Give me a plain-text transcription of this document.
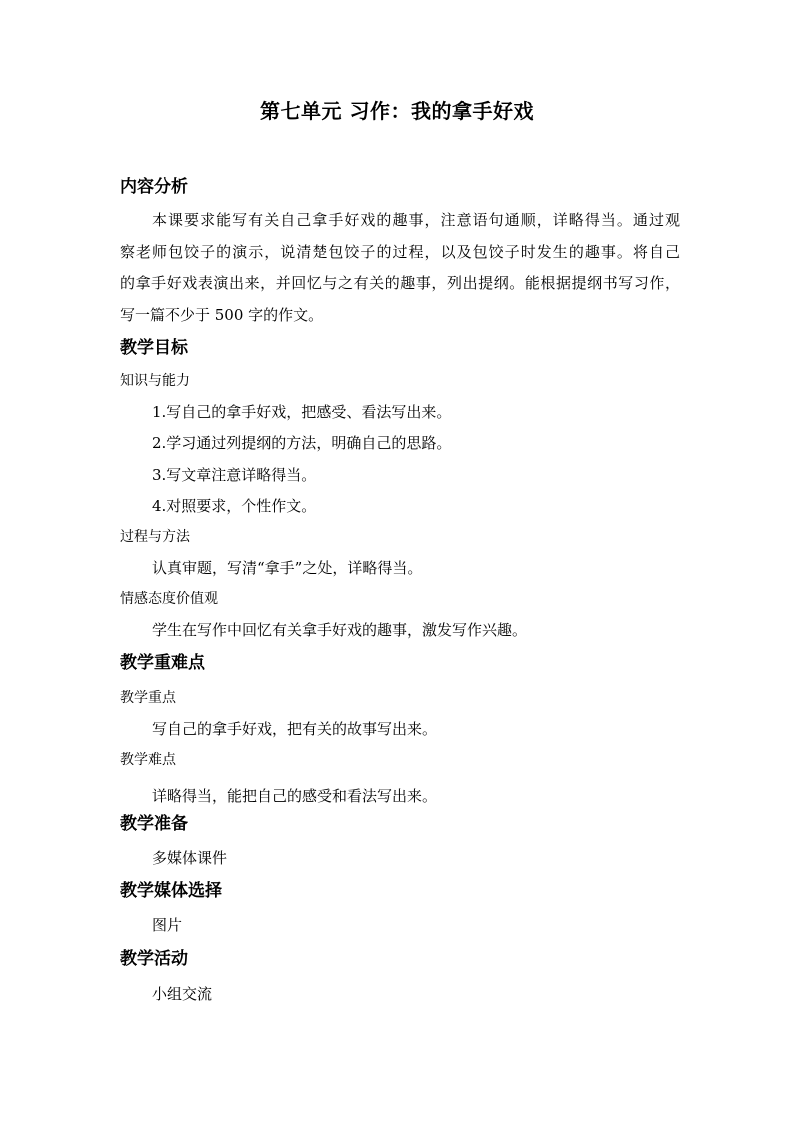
第七单元 习作：我的拿手好戏
内容分析
本课要求能写有关自己拿手好戏的趣事，注意语句通顺，详略得当。通过观
察老师包饺子的演示，说清楚包饺子的过程，以及包饺子时发生的趣事。将自己
的拿手好戏表演出来，并回忆与之有关的趣事，列出提纲。能根据提纲书写习作，
写一篇不少于 500 字的作文。
教学目标
知识与能力
1.写自己的拿手好戏，把感受、看法写出来。
2.学习通过列提纲的方法，明确自己的思路。
3.写文章注意详略得当。
4.对照要求，个性作文。
过程与方法
认真审题，写清“拿手”之处，详略得当。
情感态度价值观
学生在写作中回忆有关拿手好戏的趣事，激发写作兴趣。
教学重难点
教学重点
写自己的拿手好戏，把有关的故事写出来。
教学难点
详略得当，能把自己的感受和看法写出来。
教学准备
多媒体课件
教学媒体选择
图片
教学活动
小组交流
